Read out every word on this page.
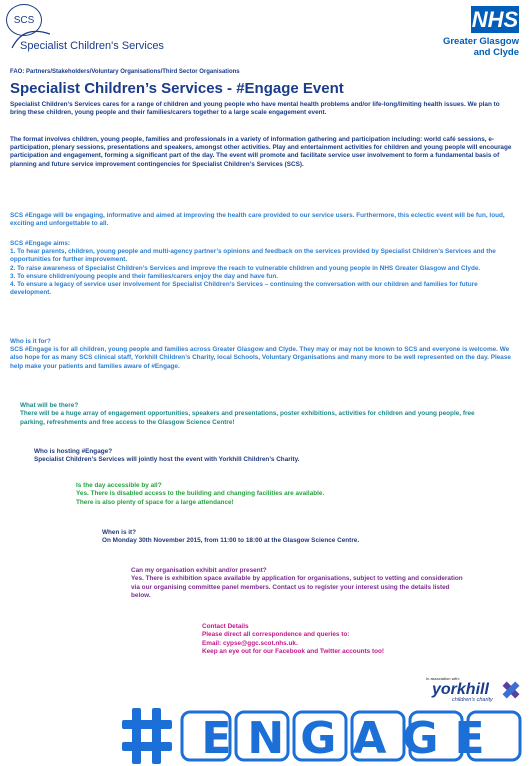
SCS
Specialist Children's Services
NHS
Greater Glasgow
and Clyde
FAO: Partners/Stakeholders/Voluntary Organisations/Third Sector Organisations
Specialist Children’s Services - #Engage Event
Specialist Children’s Services cares for a range of children and young people who have mental health problems and/or life-long/limiting health issues. We plan to bring these children, young people and their families/carers together to a large scale engagement event.
The format involves children, young people, families and professionals in a variety of information gathering and participation including: world café sessions, e-participation, plenary sessions, presentations and speakers, amongst other activities. Play and entertainment activities for children and young people will encourage participation and engagement, forming a significant part of the day. The event will promote and facilitate service user involvement to form a fundamental basis of planning and future service improvement contingencies for Specialist Children’s Services (SCS).
SCS #Engage will be engaging, informative and aimed at improving the health care provided to our service users. Furthermore, this eclectic event will be fun, loud, exciting and unforgettable to all.
SCS #Engage aims:
1. To hear parents, children, young people and multi-agency partner’s opinions and feedback on the services provided by Specialist Children’s Services and the opportunities for further improvement.
2. To raise awareness of Specialist Children’s Services and improve the reach to vulnerable children and young people in NHS Greater Glasgow and Clyde.
3. To ensure children/young people and their families/carers enjoy the day and have fun.
4. To ensure a legacy of service user involvement for Specialist Children’s Services – continuing the conversation with our children and families for future development.
Who is it for?
SCS #Engage is for all children, young people and families across Greater Glasgow and Clyde. They may or may not be known to SCS and everyone is welcome. We also hope for as many SCS clinical staff, Yorkhill Children’s Charity, local Schools, Voluntary Organisations and many more to be well represented on the day. Please help make your patients and families aware of #Engage.
What will be there?
There will be a huge array of engagement opportunities, speakers and presentations, poster exhibitions, activities for children and young people, free parking, refreshments and free access to the Glasgow Science Centre!
Who is hosting #Engage?
Specialist Children’s Services will jointly host the event with Yorkhill Children’s Charity.
Is the day accessible by all?
Yes. There is disabled access to the building and changing facilities are available.
There is also plenty of space for a large attendance!
When is it?
On Monday 30th November 2015, from 11:00 to 18:00 at the Glasgow Science Centre.
Can my organisation exhibit and/or present?
Yes. There is exhibition space available by application for organisations, subject to vetting and consideration via our organising committee panel members. Contact us to register your interest using the details listed below.
Contact Details
Please direct all correspondence and queries to:
Email: cypse@ggc.scot.nhs.uk.
Keep an eye out for our Facebook and Twitter accounts too!
In association with:
yorkhill
children's charity
ENGAGE
